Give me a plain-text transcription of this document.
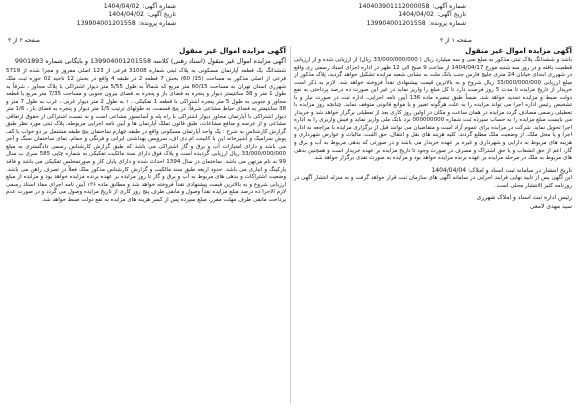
شماره آگهی:
140403901112000058
تاریخ آگهی:
1404/04/02
شماره پرونده:
139904001201558
صفحه ۱ از ۲
شماره آگهی:
1404/04/02
تاریخ آگهی:
1404/04/02
شماره پرونده:
139904001201558
صفحه ۲ از ۲
آگهی مزایده اموال غیر منقول

باشد و ششدانگ پلاک ثبتی مذکور به مبلغ سی و سه میلیارد ریال ( 33/000/000/000 ریال) از ارزیابی شده و از ارزیابی قطعیت یافته و در روز سه شنبه مورخ 1404/04/17 از ساعت 9 صبح الی 12 ظهر در اداره اجرای اسناد رسمی ری واقع در شهرری ابتدای خیابان 24 متری خلیج فارس جنب بانک ملت به نشانی شعبه مزایده تشکیل خواهد گردید، پلاک مذکور از مبلغ ارزیابی 33/000/000/000 ریال شروع و به بالاترین قیمت پیشنهادی نقداً فروخته خواهد شد. لازم به ذکر است خریدار از تاریخ مزایده تا مدت 5 روز فرصت دارد تا کل مبلغ را واریز نماید در غیر این صورت ده درصد پرداختی به نفع دولت ضبط و مزایده تجدید خواهد شد، ضمناً طبق تبصره ماده 136 آیین نامه اجرایی، اداره ثبت در صورت نیاز و با تشخیص رئیس اداره اجرا می تواند مزایده را به علت هرگونه تغییر و یا موانع قانونی متوقف نماید. چنانچه روز مزایده با تعطیلی رسمی مصادف گردد مزایده در همان ساعت و مکان در اولین روز کاری بعد از تعطیلی برگزار خواهد شد و خریدار می بایست مبلغ مزایده را به حساب سپرده ثبت شماره 000000000 نزد بانک ملی واریز نماید و فیش واریزی را به اداره اجرا تحویل نماید. شرکت در مزایده برای عموم آزاد است و متقاضیان می توانند قبل از برگزاری مزایده با مراجعه به اداره اجرا و یا محل ملک، از وضعیت ملک مطلع گردند. کلیه هزینه های نقل و انتقال، حق الثبت، مالیات و عوارض شهرداری و هزینه های مربوط به دارایی و شهرداری و غیره بر عهده خریدار می باشد و در صورتی که بدهی مربوط به آب و برق و گاز، اعم از حق انشعاب و یا حق اشتراک و مصرف در صورت وجود تا تاریخ مزایده بر عهده خریدار است و همچنین بدهی های مربوط به ملک در مرحله مزایده بر عهده برنده مزایده خواهد بود و مزایده به صورت نقدی برگزار خواهد شد.

تاریخ انتشار در سامانه ثبت اسناد و املاک: 1404/04/04

این آگهی پس از تایید نهایی فرایند اجرایی در سامانه آگهی های سازمان ثبت قرار خواهد گرفت و به منزله انتشار آگهی در روزنامه کثیر الانتشار محلی است.

رئیس اداره ثبت اسناد و املاک شهرری
سید مهدی لامعی
آگهی مزایده اموال غیر منقول

آگهی مزایده اموال غیر منقول (اسناد رهنی) کلاسه 139904001201558 و بایگانی شماره 9901893

ششدانگ یک قطعه آپارتمان مسکونی به پلاک ثبتی شماره 31008 فرعی از 123 اصلی مفروز و مجزا شده از 5719 فرعی از اصلی مذکور به مساحت (15/ 60) بخش 7 قطعه 2 در طبقه 4 واقع در بخش 12 ناحیه 02 حوزه ثبت ملک شهرری استان تهران به مساحت 60/15 متر مربع که شمالاً به طول 5/55 متر دیوار اشتراکی با پلاک مجاور ، شرقاً به طول 1 متر و 38 سانتیمتر دیوار و پنجره به فضای باز و پنجره به فضای بیرون جنوبی و مساحت 7/35 متر مربع با قطعه مجاور و جنوبی به طول 5 متر پنجره اشتراکی با قطعه 1 تفکیکی ، ۱ به طول 2 متر دیوار غربی ، غرب به طول 7 متر و 38 سانتیمتر به فضای حیاط مشاعی شرقاً: در پنج قسمت، به طولهای ترتیب 1/5 متر دیوار و پنجره به فضای باز ، 1/6 متر دیوار اشتراکی با آپارتمان مجاور دیوار اشتراکی با راه پله و آسانسور مشاعی است و به نسبت اشتراکی از حقوق ارتفاقی مشاعی و از عرصه و منافع مشاعات، طبق قانون تملک آپارتمان ها و آیین نامه اجرایی مربوطه، پلاک ثبتی مورد نظر طبق گزارش کارشناس به شرح : یک واحد آپارتمان مسکونی واقع در طبقه چهارم ساختمان پنج طبقه مشتمل بر دو خواب با کف پوش سرامیک و آشپزخانه اپن با کابینت ام دی اف، سرویس بهداشتی ایرانی و فرنگی و حمام، نمای ساختمان سنگ و آجر می باشد و دارای امتیازات آب و برق و گاز اشتراکی می باشد که طبق گزارش کارشناس رسمی دادگستری به مبلغ 33/000/000/000 ریال ارزیابی گردیده است و پلاک فوق دارای سند مالکیت تفکیکی به شماره چاپی 585 سری ب سال 99 به نام مرتهن می باشد. ساختمان در سال 1394 احداث شده و دارای پایان کار و صورتمجلس تفکیکی می باشد و فاقد پارکینگ و انباری می باشد. حدود اربعه طبق سند مالکیت و گزارش کارشناس مذکور ملک فعلاً در تصرف راهن می باشد. وضعیت اشتراکات و بدهی های مربوط به آب و برق و گاز تا روز مزایده بر عهده برنده مزایده خواهد بود و مزایده از مبلغ ارزیابی شروع و به بالاترین قیمت پیشنهادی نقداً فروخته خواهد شد و مطابق ماده ۱۳۶ آیین نامه اجرای مفاد اسناد رسمی لازم الاجرا ده درصد مبلغ مزایده نقداً وصول و مابقی ظرف پنج روز کاری از تاریخ مزایده وصول می گردد و در صورت عدم پرداخت مابقی ظرف مهلت مقرر، مبلغ سپرده پس از کسر هزینه های مزایده به نفع دولت ضبط خواهد شد.
